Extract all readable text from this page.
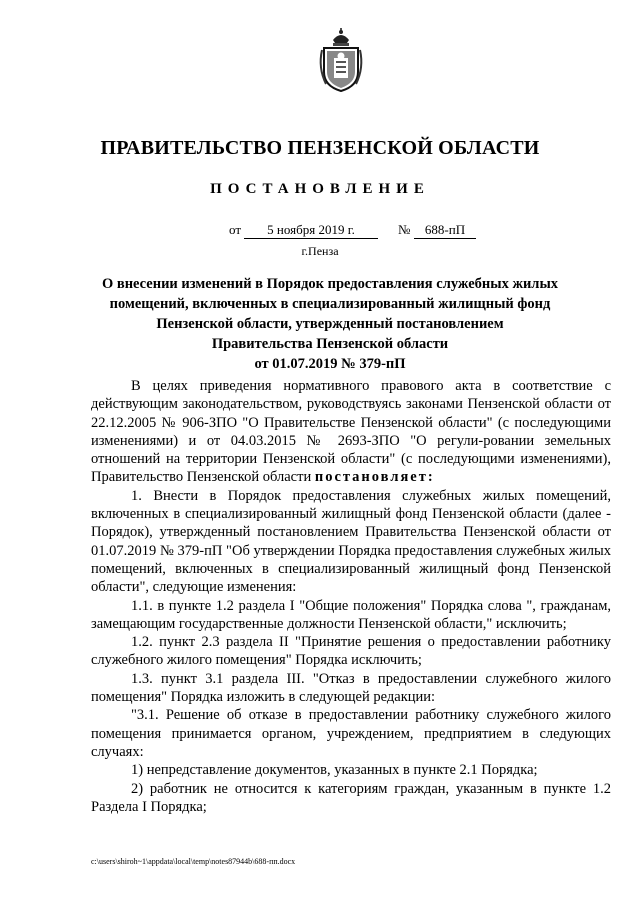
ПРАВИТЕЛЬСТВО ПЕНЗЕНСКОЙ ОБЛАСТИ
ПОСТАНОВЛЕНИЕ
от	5 ноября 2019 г.	№	688-пП
г.Пенза
О внесении изменений в Порядок предоставления служебных жилых
помещений, включенных в специализированный жилищный фонд
Пензенской области, утвержденный постановлением
Правительства Пензенской области
от 01.07.2019 № 379-пП

В целях приведения нормативного правового акта в соответствие с действующим законодательством, руководствуясь законами Пензенской области от 22.12.2005 № 906-ЗПО "О Правительстве Пензенской области" (с последующими изменениями) и от 04.03.2015 № 2693-ЗПО "О регули-ровании земельных отношений на территории Пензенской области" (с последующими изменениями), Правительство Пензенской области постановляет:

1. Внести в Порядок предоставления служебных жилых помещений, включенных в специализированный жилищный фонд Пензенской области (далее - Порядок), утвержденный постановлением Правительства Пензенской области от 01.07.2019 № 379-пП "Об утверждении Порядка предоставления служебных жилых помещений, включенных в специализированный жилищный фонд Пензенской области", следующие изменения:

1.1. в пункте 1.2 раздела I "Общие положения" Порядка слова ", гражданам, замещающим государственные должности Пензенской области," исключить;

1.2. пункт 2.3 раздела II "Принятие решения о предоставлении работнику служебного жилого помещения" Порядка исключить;

1.3. пункт 3.1 раздела III. "Отказ в предоставлении служебного жилого помещения" Порядка изложить в следующей редакции:

"3.1. Решение об отказе в предоставлении работнику служебного жилого помещения принимается органом, учреждением, предприятием в следующих случаях:

1) непредставление документов, указанных в пункте 2.1 Порядка;

2) работник не относится к категориям граждан, указанным в пункте 1.2 Раздела I Порядка;

c:\users\shiroh~1\appdata\local\temp\notes87944b\688-пп.docx
